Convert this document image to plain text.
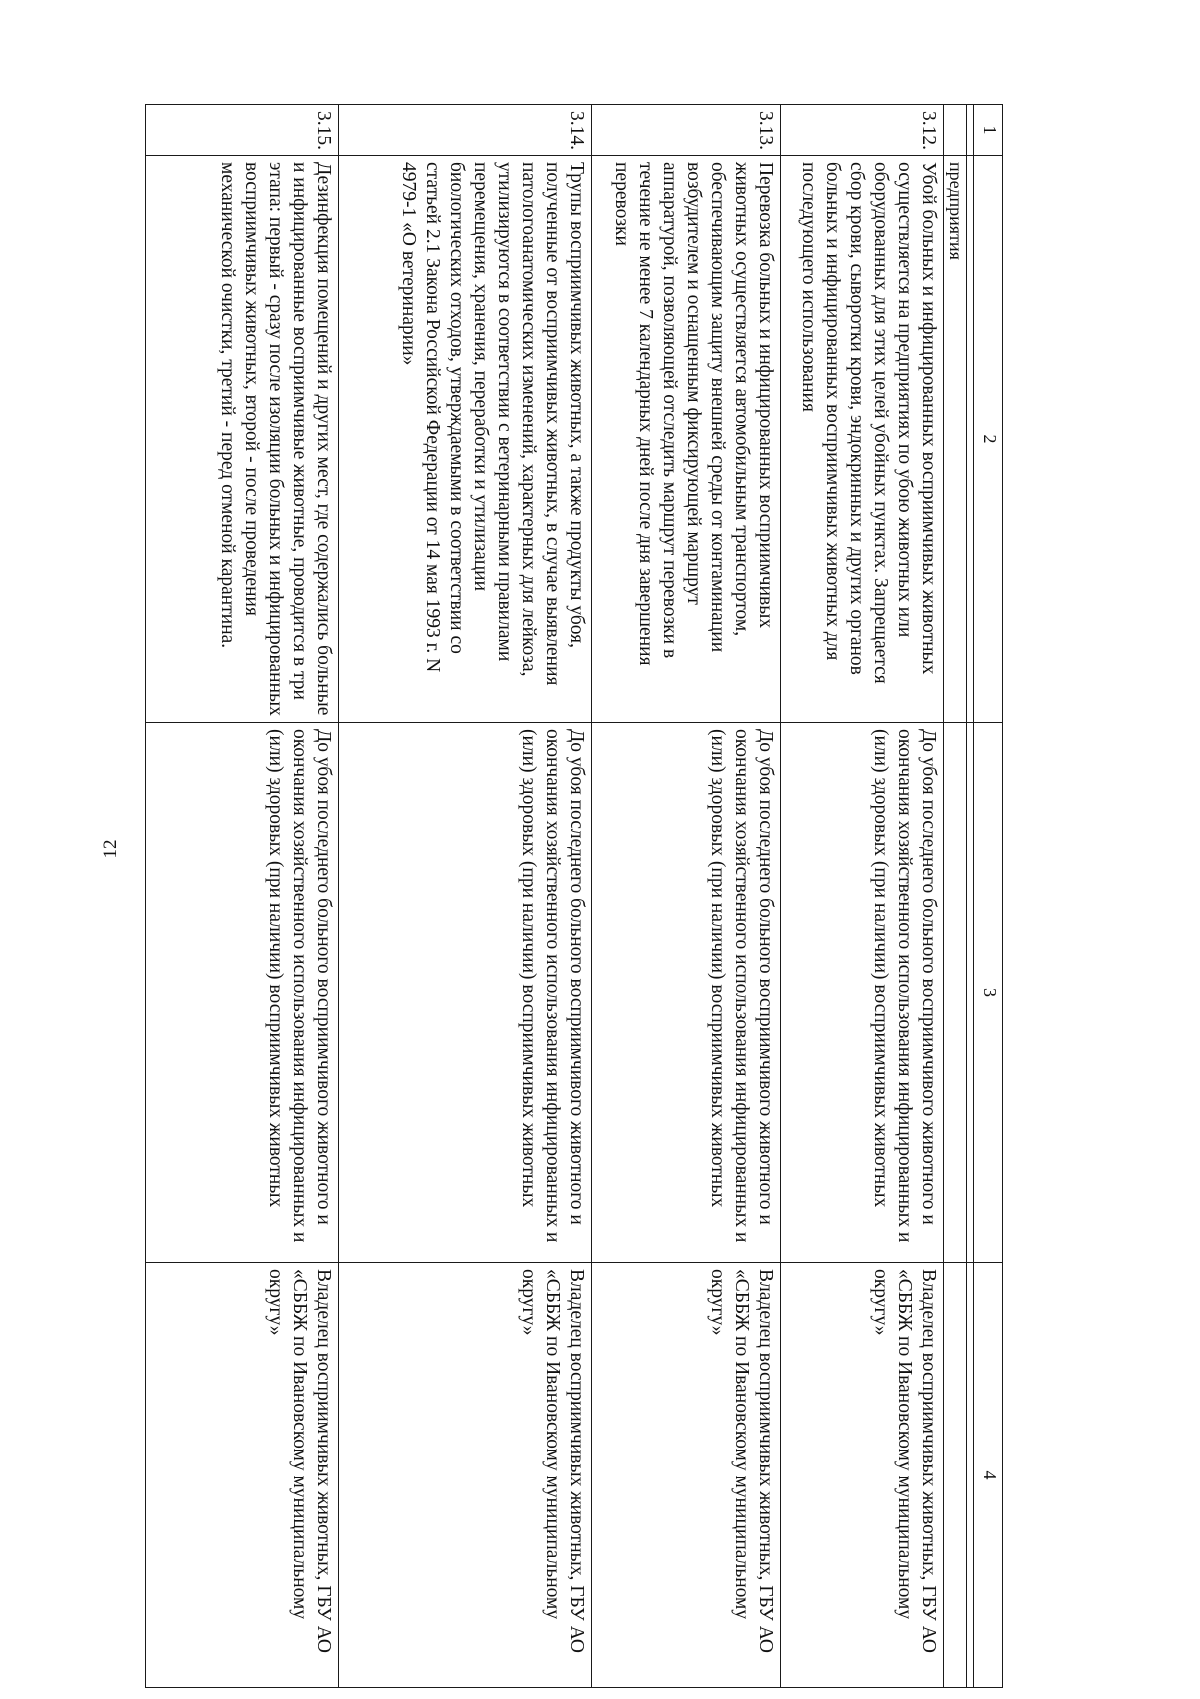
12
1	2	3	4

	предприятия		
3.12.	Убой больных и инфицированных восприимчивых животных осуществляется на предприятиях по убою животных или оборудованных для этих целей убойных пунктах. Запрещается сбор крови, сыворотки крови, эндокринных и других органов больных и инфицированных восприимчивых животных для последующего использования	До убоя последнего больного восприимчивого животного и окончания хозяйственного использования инфицированных и (или) здоровых (при наличии) восприимчивых животных	Владелец восприимчивых животных, ГБУ АО «СББЖ по Ивановскому муниципальному округу»
3.13.	Перевозка больных и инфицированных восприимчивых животных осуществляется автомобильным транспортом, обеспечивающим защиту внешней среды от контаминации возбудителем и оснащенным фиксирующей маршрут аппаратурой, позволяющей отследить маршрут перевозки в течение не менее 7 календарных дней после дня завершения перевозки	До убоя последнего больного восприимчивого животного и окончания хозяйственного использования инфицированных и (или) здоровых (при наличии) восприимчивых животных	Владелец восприимчивых животных, ГБУ АО «СББЖ по Ивановскому муниципальному округу»
3.14.	Трупы восприимчивых животных, а также продукты убоя, полученные от восприимчивых животных, в случае выявления патологоанатомических изменений, характерных для лейкоза, утилизируются в соответствии с ветеринарными правилами перемещения, хранения, переработки и утилизации биологических отходов, утверждаемыми в соответствии со статьей 2.1 Закона Российской Федерации от 14 мая 1993 г. N 4979-1 «О ветеринарии»	До убоя последнего больного восприимчивого животного и окончания хозяйственного использования инфицированных и (или) здоровых (при наличии) восприимчивых животных	Владелец восприимчивых животных, ГБУ АО «СББЖ по Ивановскому муниципальному округу»
3.15.	Дезинфекция помещений и других мест, где содержались больные и инфицированные восприимчивые животные, проводится в три этапа: первый - сразу после изоляции больных и инфицированных восприимчивых животных, второй - после проведения механической очистки, третий - перед отменой карантина.	До убоя последнего больного восприимчивого животного и окончания хозяйственного использования инфицированных и (или) здоровых (при наличии) восприимчивых животных	Владелец восприимчивых животных, ГБУ АО «СББЖ по Ивановскому муниципальному округу»
